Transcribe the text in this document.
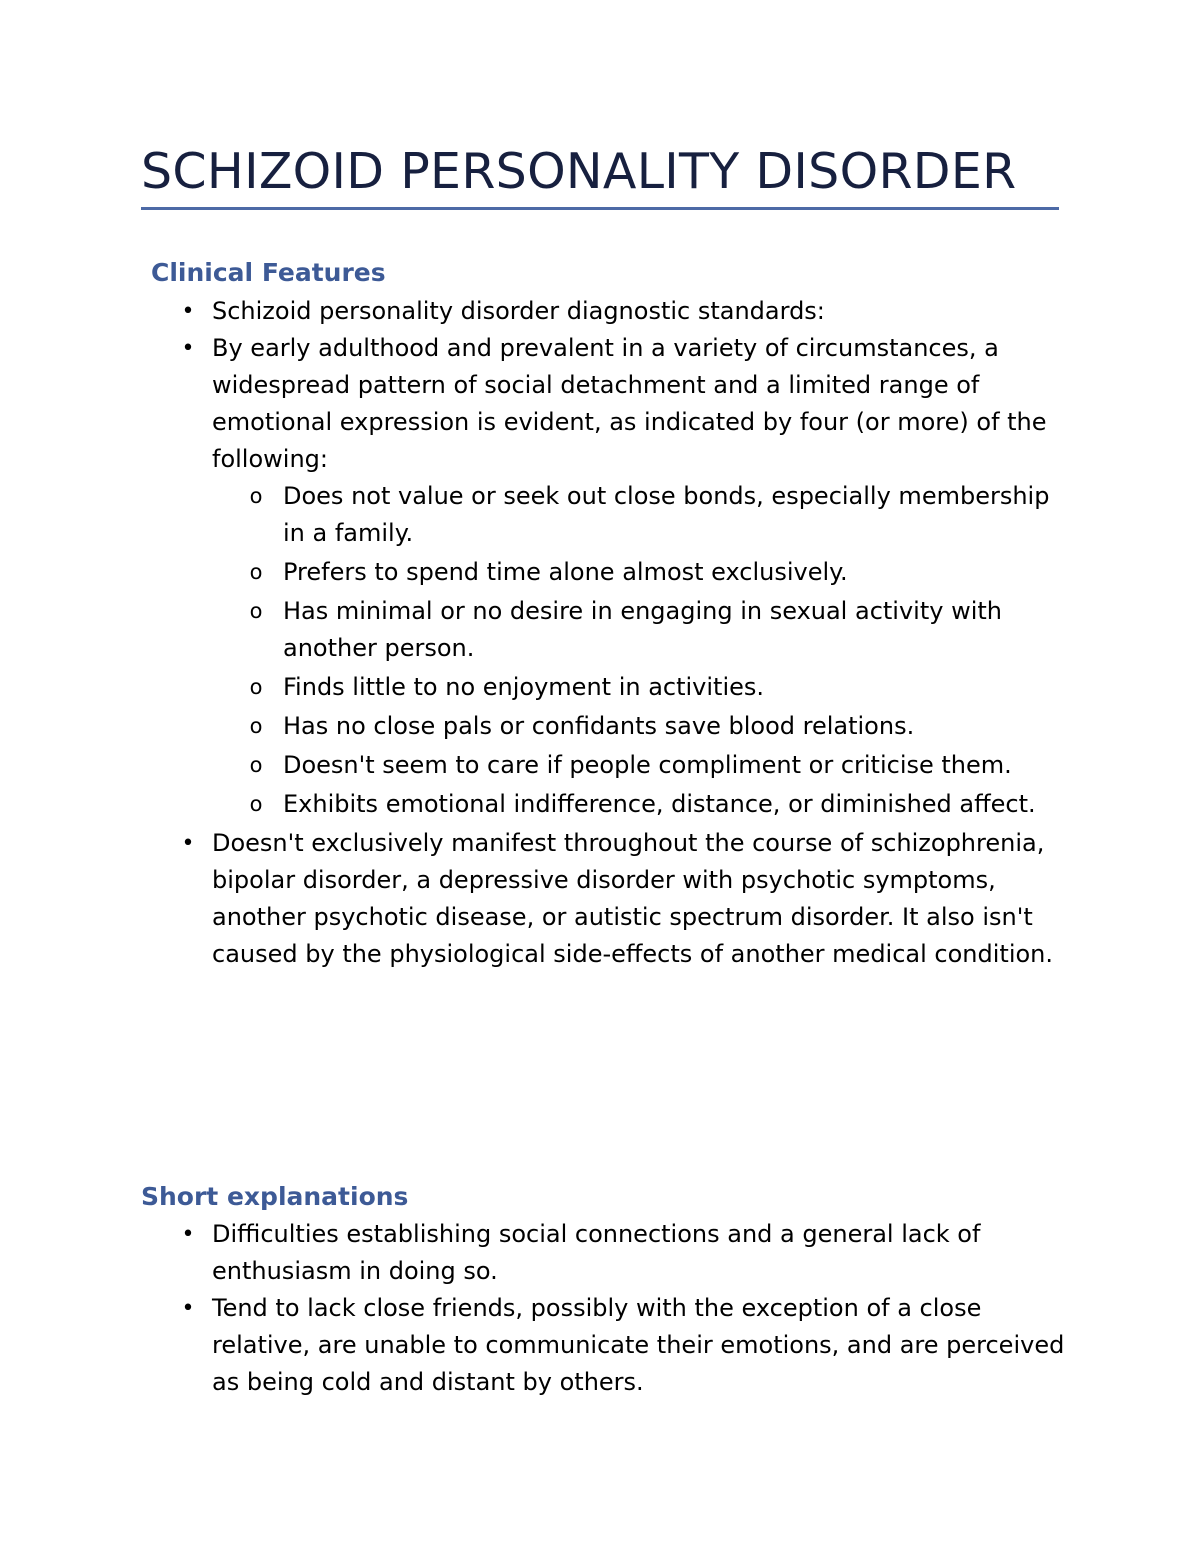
SCHIZOID PERSONALITY DISORDER
Clinical Features
• Schizoid personality disorder diagnostic standards:
• By early adulthood and prevalent in a variety of circumstances, a widespread pattern of social detachment and a limited range of emotional expression is evident, as indicated by four (or more) of the following:
o Does not value or seek out close bonds, especially membership in a family.
o Prefers to spend time alone almost exclusively.
o Has minimal or no desire in engaging in sexual activity with another person.
o Finds little to no enjoyment in activities.
o Has no close pals or confidants save blood relations.
o Doesn't seem to care if people compliment or criticise them.
o Exhibits emotional indifference, distance, or diminished affect.
• Doesn't exclusively manifest throughout the course of schizophrenia, bipolar disorder, a depressive disorder with psychotic symptoms, another psychotic disease, or autistic spectrum disorder. It also isn't caused by the physiological side-effects of another medical condition.
Short explanations
• Difficulties establishing social connections and a general lack of enthusiasm in doing so.
• Tend to lack close friends, possibly with the exception of a close relative, are unable to communicate their emotions, and are perceived as being cold and distant by others.
